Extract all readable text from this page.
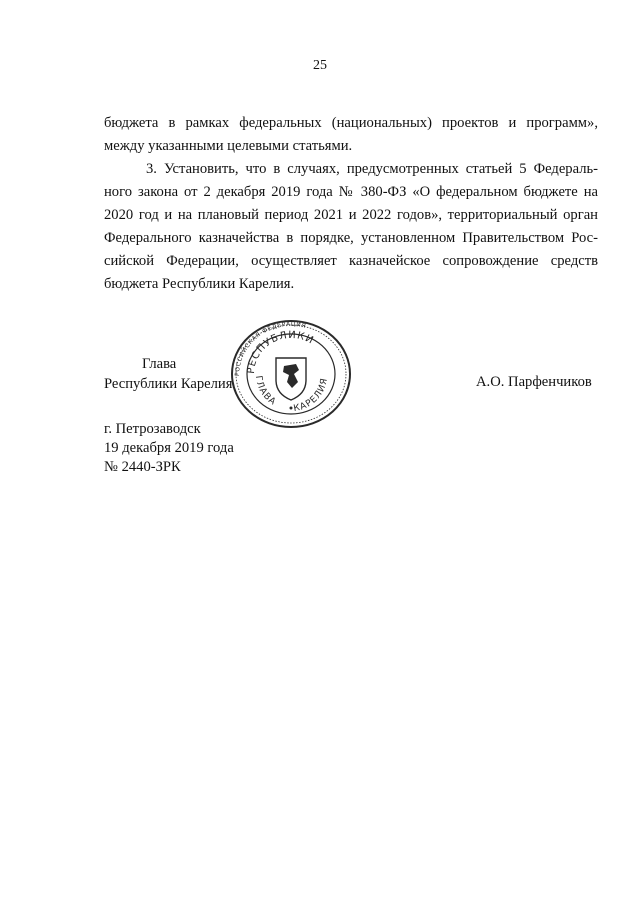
25
бюджета в рамках федеральных (национальных) проектов и программ»,
между указанными целевыми статьями.
3. Установить, что в случаях, предусмотренных статьей 5 Федераль-
ного закона от 2 декабря 2019 года № 380-ФЗ «О федеральном бюджете на
2020 год и на плановый период 2021 и 2022 годов», территориальный орган
Федерального казначейства в порядке, установленном Правительством Рос-
сийской Федерации, осуществляет казначейское сопровождение средств
бюджета Республики Карелия.
Глава
Республики Карелия
РОССИЙСКАЯ ФЕДЕРАЦИЯ
РЕСПУБЛИКИ
ГЛАВА
КАРЕЛИЯ	А.О. Парфенчиков
г. Петрозаводск
19 декабря 2019 года
№ 2440-ЗРК
